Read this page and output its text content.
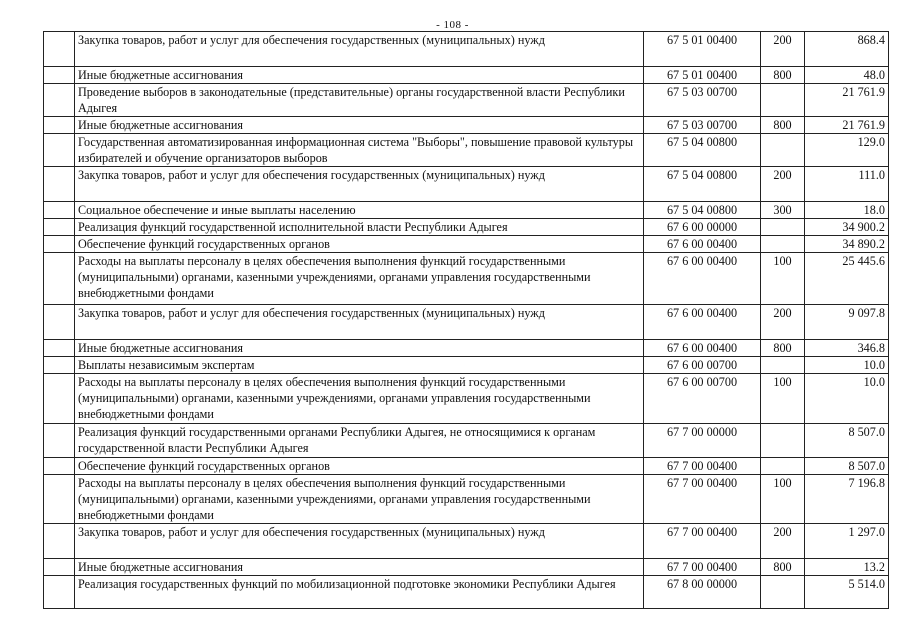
- 108 -
	Закупка товаров, работ и услуг для обеспечения государственных (муниципальных) нужд	67 5 01 00400	200	868.4
	Иные бюджетные ассигнования	67 5 01 00400	800	48.0
	Проведение выборов в законодательные (представительные) органы государственной власти Республики Адыгея	67 5 03 00700		21 761.9
	Иные бюджетные ассигнования	67 5 03 00700	800	21 761.9
	Государственная автоматизированная информационная система "Выборы", повышение правовой культуры избирателей и обучение организаторов выборов	67 5 04 00800		129.0
	Закупка товаров, работ и услуг для обеспечения государственных (муниципальных) нужд	67 5 04 00800	200	111.0
	Социальное обеспечение и иные выплаты населению	67 5 04 00800	300	18.0
	Реализация функций государственной исполнительной власти Республики Адыгея	67 6 00 00000		34 900.2
	Обеспечение функций государственных органов	67 6 00 00400		34 890.2
	Расходы на выплаты персоналу в целях обеспечения выполнения функций государственными (муниципальными) органами, казенными учреждениями, органами управления государственными внебюджетными фондами	67 6 00 00400	100	25 445.6
	Закупка товаров, работ и услуг для обеспечения государственных (муниципальных) нужд	67 6 00 00400	200	9 097.8
	Иные бюджетные ассигнования	67 6 00 00400	800	346.8
	Выплаты независимым экспертам	67 6 00 00700		10.0
	Расходы на выплаты персоналу в целях обеспечения выполнения функций государственными (муниципальными) органами, казенными учреждениями, органами управления государственными внебюджетными фондами	67 6 00 00700	100	10.0
	Реализация функций государственными органами Республики Адыгея, не относящимися к органам государственной власти Республики Адыгея	67 7 00 00000		8 507.0
	Обеспечение функций государственных органов	67 7 00 00400		8 507.0
	Расходы на выплаты персоналу в целях обеспечения выполнения функций государственными (муниципальными) органами, казенными учреждениями, органами управления государственными внебюджетными фондами	67 7 00 00400	100	7 196.8
	Закупка товаров, работ и услуг для обеспечения государственных (муниципальных) нужд	67 7 00 00400	200	1 297.0
	Иные бюджетные ассигнования	67 7 00 00400	800	13.2
	Реализация государственных функций по мобилизационной подготовке экономики Республики Адыгея	67 8 00 00000		5 514.0
